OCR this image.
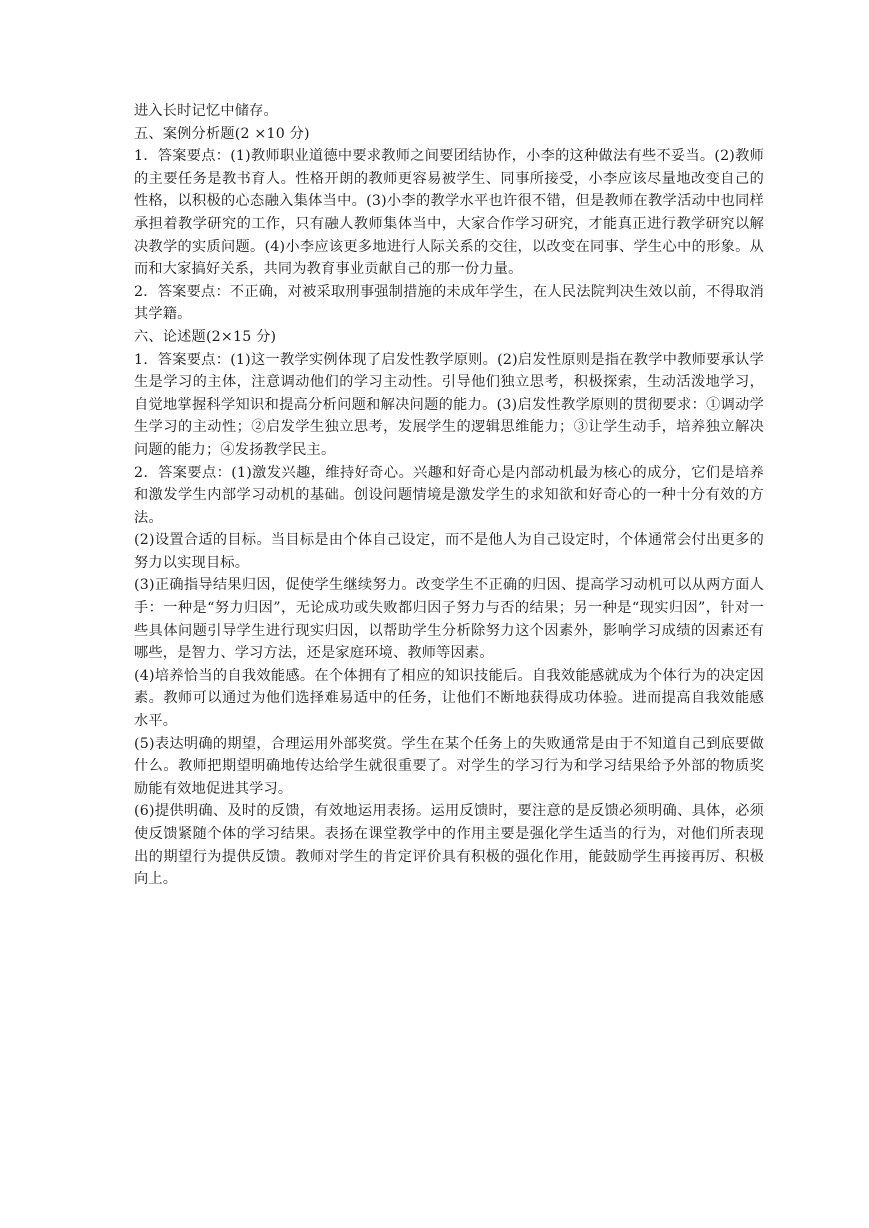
进入长时记忆中储存。

五、案例分析题(2 ×10 分)

1．答案要点：(1)教师职业道德中要求教师之间要团结协作，小李的这种做法有些不妥当。(2)教师的主要任务是教书育人。性格开朗的教师更容易被学生、同事所接受，小李应该尽量地改变自己的性格，以积极的心态融入集体当中。(3)小李的教学水平也许很不错，但是教师在教学活动中也同样承担着教学研究的工作，只有融人教师集体当中，大家合作学习研究，才能真正进行教学研究以解决教学的实质问题。(4)小李应该更多地进行人际关系的交往，以改变在同事、学生心中的形象。从而和大家搞好关系，共同为教育事业贡献自己的那一份力量。

2．答案要点：不正确，对被采取刑事强制措施的未成年学生，在人民法院判决生效以前，不得取消其学籍。

六、论述题(2×15 分)

1．答案要点：(1)这一教学实例体现了启发性教学原则。(2)启发性原则是指在教学中教师要承认学生是学习的主体，注意调动他们的学习主动性。引导他们独立思考，积极探索，生动活泼地学习，自觉地掌握科学知识和提高分析问题和解决问题的能力。(3)启发性教学原则的贯彻要求：①调动学生学习的主动性；②启发学生独立思考，发展学生的逻辑思维能力；③让学生动手，培养独立解决问题的能力；④发扬教学民主。

2．答案要点：(1)激发兴趣，维持好奇心。兴趣和好奇心是内部动机最为核心的成分，它们是培养和激发学生内部学习动机的基础。创设问题情境是激发学生的求知欲和好奇心的一种十分有效的方法。

(2)设置合适的目标。当目标是由个体自己设定，而不是他人为自己设定时，个体通常会付出更多的努力以实现目标。

(3)正确指导结果归因，促使学生继续努力。改变学生不正确的归因、提高学习动机可以从两方面人手：一种是“努力归因”，无论成功或失败都归因子努力与否的结果；另一种是“现实归因”，针对一些具体问题引导学生进行现实归因，以帮助学生分析除努力这个因素外，影响学习成绩的因素还有哪些，是智力、学习方法，还是家庭环境、教师等因素。

(4)培养恰当的自我效能感。在个体拥有了相应的知识技能后。自我效能感就成为个体行为的决定因素。教师可以通过为他们选择难易适中的任务，让他们不断地获得成功体验。进而提高自我效能感水平。

(5)表达明确的期望，合理运用外部奖赏。学生在某个任务上的失败通常是由于不知道自己到底要做什么。教师把期望明确地传达给学生就很重要了。对学生的学习行为和学习结果给予外部的物质奖励能有效地促进其学习。

(6)提供明确、及时的反馈，有效地运用表扬。运用反馈时，要注意的是反馈必须明确、具体，必须使反馈紧随个体的学习结果。表扬在课堂教学中的作用主要是强化学生适当的行为，对他们所表现出的期望行为提供反馈。教师对学生的肯定评价具有积极的强化作用，能鼓励学生再接再厉、积极向上。
